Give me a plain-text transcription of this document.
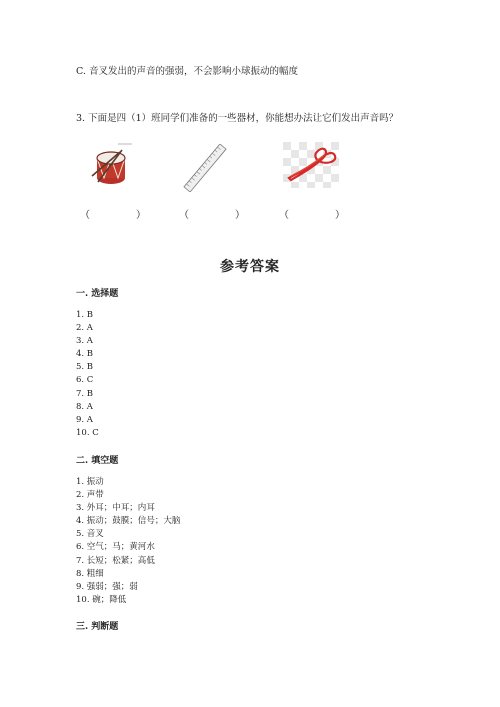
C. 音叉发出的声音的强弱，不会影响小球振动的幅度
3. 下面是四（1）班同学们准备的一些器材，你能想办法让它们发出声音吗？
（	）	（	）	（	）
参考答案
一. 选择题
1. B
2. A
3. A
4. B
5. B
6. C
7. B
8. A
9. A
10. C
二. 填空题
1. 振动
2. 声带
3. 外耳；中耳；内耳
4. 振动；鼓膜；信号；大脑
5. 音叉
6. 空气；马；黄河水
7. 长短；松紧；高低
8. 粗细
9. 强弱；强；弱
10. 碗；降低
三. 判断题
